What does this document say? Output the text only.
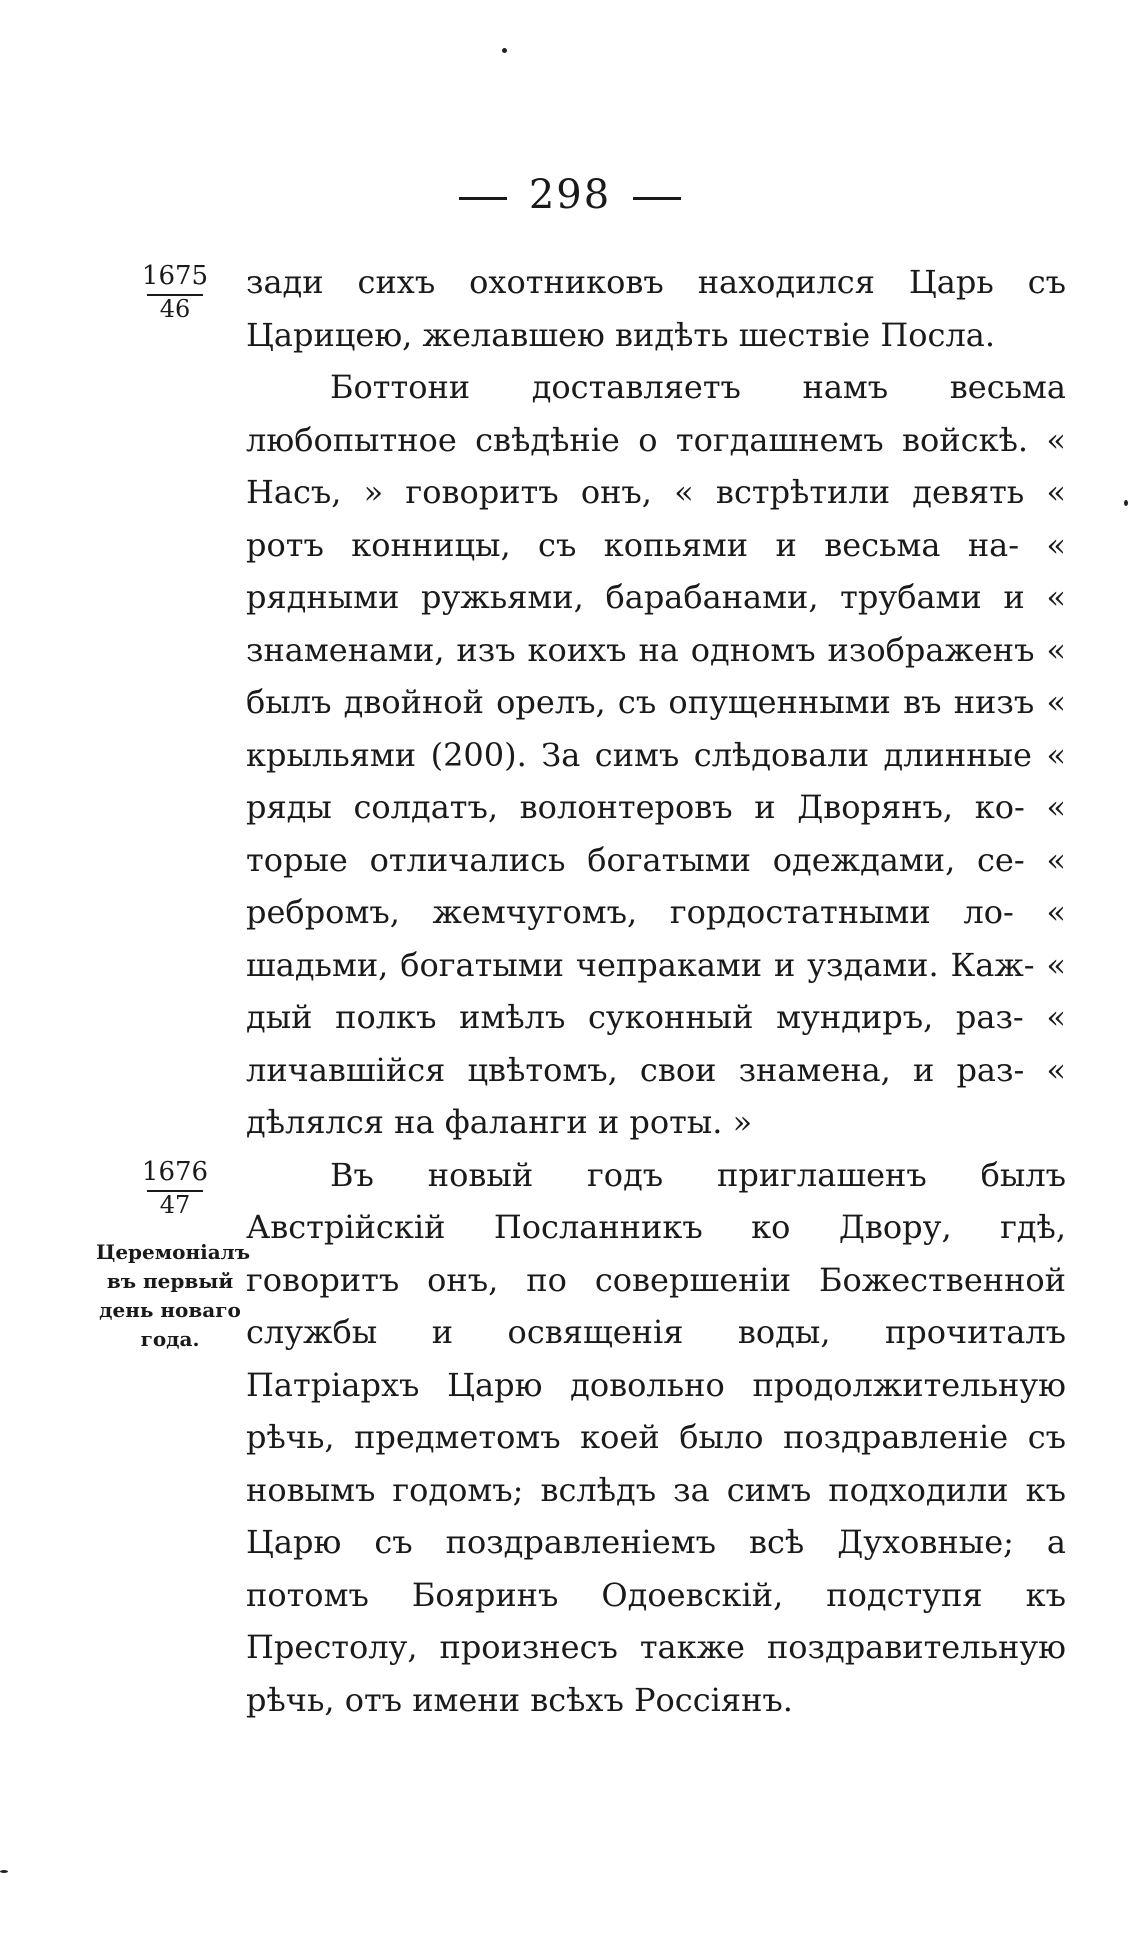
298
1675
46
1676
47
Церемоніалъ въ первый день новаго года.

зади сихъ охотниковъ находился Царь съ Царицею, желавшею видѣть шествіе Посла.

Боттони доставляетъ намъ весьма любопытное свѣдѣніе о тогдашнемъ войскѣ. « Насъ, » говоритъ онъ, « встрѣтили девять « ротъ конницы, съ копьями и весьма на- « рядными ружьями, барабанами, трубами и « знаменами, изъ коихъ на одномъ изображенъ « былъ двойной орелъ, съ опущенными въ низъ « крыльями (200). За симъ слѣдовали длинные « ряды солдатъ, волонтеровъ и Дворянъ, ко- « торые отличались богатыми одеждами, се- « ребромъ, жемчугомъ, гордостатными ло- « шадьми, богатыми чепраками и уздами. Каж- « дый полкъ имѣлъ суконный мундиръ, раз- « личавшійся цвѣтомъ, свои знамена, и раз- « дѣлялся на фаланги и роты. »

Въ новый годъ приглашенъ былъ Австрійскій Посланникъ ко Двору, гдѣ, говоритъ онъ, по совершеніи Божественной службы и освященія воды, прочиталъ Патріархъ Царю довольно продолжительную рѣчь, предметомъ коей было поздравленіе съ новымъ годомъ; вслѣдъ за симъ подходили къ Царю съ поздравленіемъ всѣ Духовные; а потомъ Бояринъ Одоевскій, подступя къ Престолу, произнесъ также поздравительную рѣчь, отъ имени всѣхъ Россіянъ.
